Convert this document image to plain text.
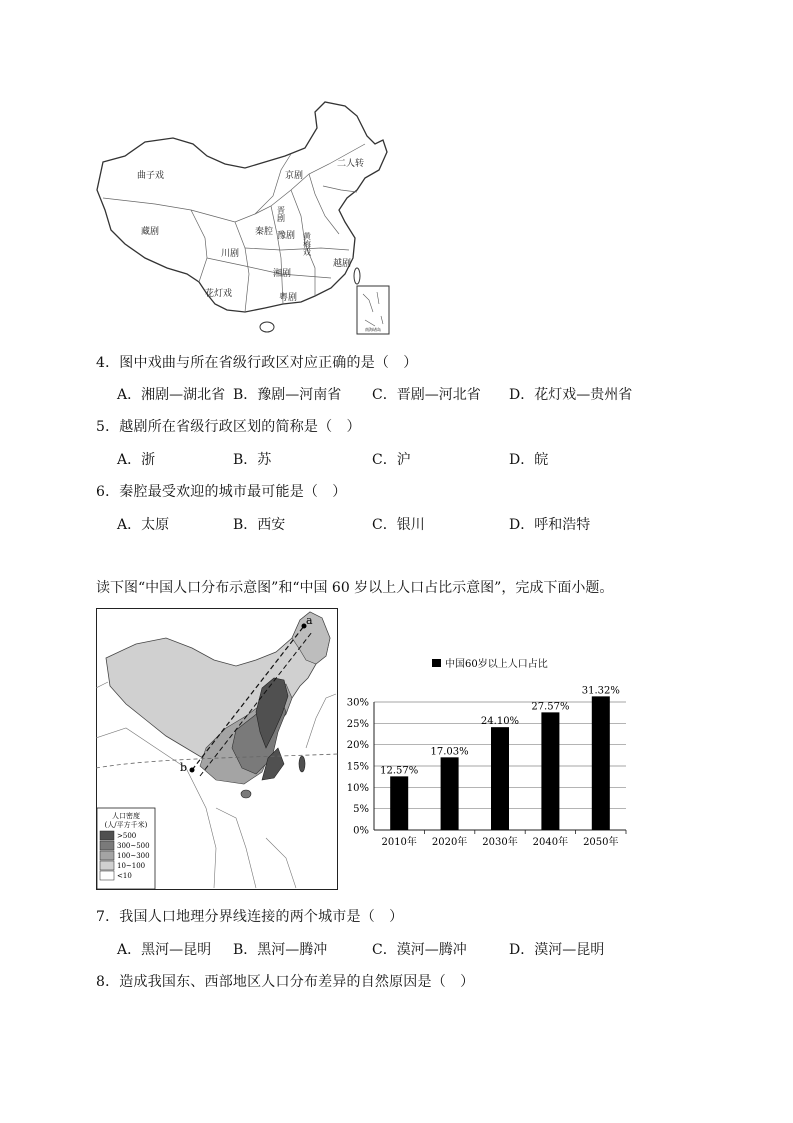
南海诸岛
曲子戏
二人转
京剧
藏剧	秦腔 豫剧
川剧
越剧
湘剧
花灯戏	粤剧
晋剧
黄梅戏
4．图中戏曲与所在省级行政区对应正确的是（　）
A．湘剧—湖北省 B．豫剧—河南省 C．晋剧—河北省 D．花灯戏—贵州省
5．越剧所在省级行政区划的简称是（　）
A．浙	B．苏	C．沪	D．皖
6．秦腔最受欢迎的城市最可能是（　）
A．太原	B．西安	C．银川	D．呼和浩特
读下图“中国人口分布示意图”和“中国 60 岁以上人口占比示意图”，完成下面小题。
a
b
人口密度
(人/平方千米)
>500
300~500
100~300
10~100
<10
中国60岁以上人口占比
0%
5%
10%
15%
20%
25%
30%
2010年 2020年 2030年 2040年 2050年
12.57%
17.03%
24.10%
27.57%
31.32%
7．我国人口地理分界线连接的两个城市是（　）
A．黑河—昆明 B．黑河—腾冲	C．漠河—腾冲	D．漠河—昆明
8．造成我国东、西部地区人口分布差异的自然原因是（　）
